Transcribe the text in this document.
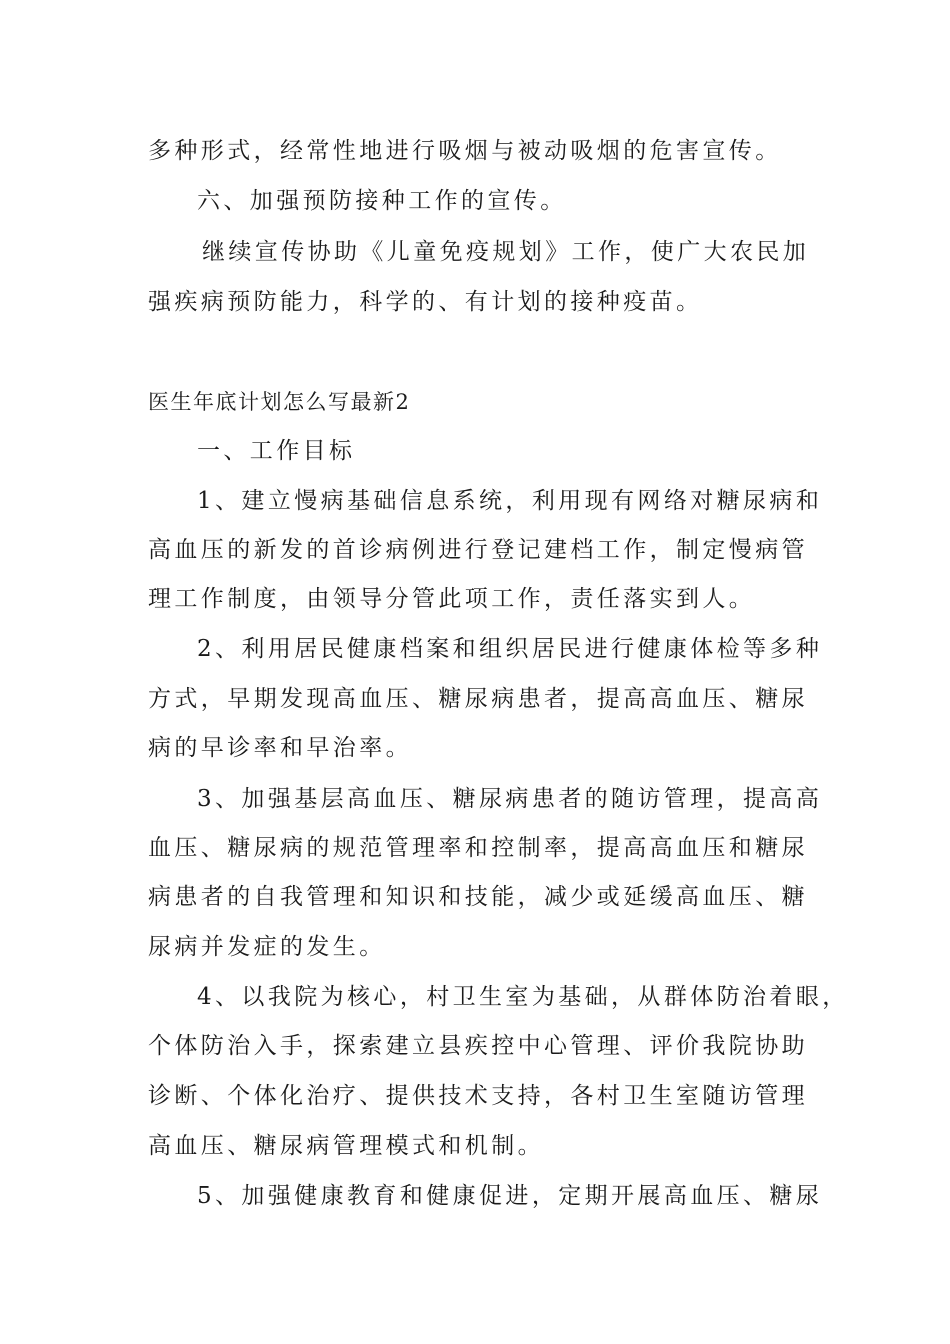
多种形式，经常性地进行吸烟与被动吸烟的危害宣传。
六、加强预防接种工作的宣传。
继续宣传协助《儿童免疫规划》工作，使广大农民加
强疾病预防能力，科学的、有计划的接种疫苗。
医生年底计划怎么写最新2
一、工作目标
1、建立慢病基础信息系统，利用现有网络对糖尿病和
高血压的新发的首诊病例进行登记建档工作，制定慢病管
理工作制度，由领导分管此项工作，责任落实到人。
2、利用居民健康档案和组织居民进行健康体检等多种
方式，早期发现高血压、糖尿病患者，提高高血压、糖尿
病的早诊率和早治率。
3、加强基层高血压、糖尿病患者的随访管理，提高高
血压、糖尿病的规范管理率和控制率，提高高血压和糖尿
病患者的自我管理和知识和技能，减少或延缓高血压、糖
尿病并发症的发生。
4、以我院为核心，村卫生室为基础，从群体防治着眼，
个体防治入手，探索建立县疾控中心管理、评价我院协助
诊断、个体化治疗、提供技术支持，各村卫生室随访管理
高血压、糖尿病管理模式和机制。
5、加强健康教育和健康促进，定期开展高血压、糖尿
